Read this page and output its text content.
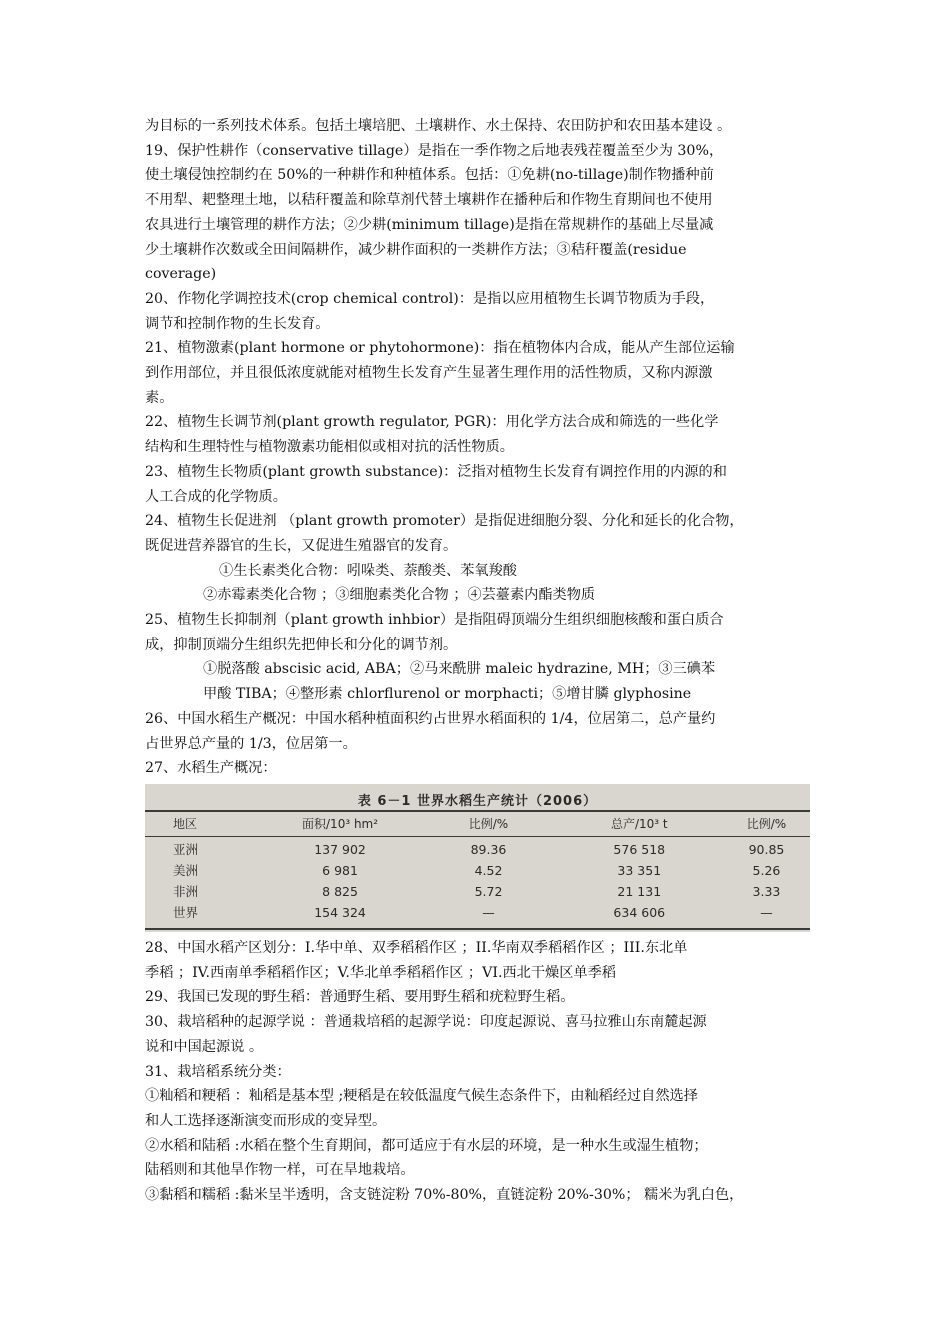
为目标的一系列技术体系。包括土壤培肥、土壤耕作、水土保持、农田防护和农田基本建设 。
19、保护性耕作（conservative tillage）是指在一季作物之后地表残茬覆盖至少为 30%，
使土壤侵蚀控制约在 50%的一种耕作和种植体系。包括：①免耕(no-tillage)制作物播种前
不用犁、耙整理土地，以秸秆覆盖和除草剂代替土壤耕作在播种后和作物生育期间也不使用
农具进行土壤管理的耕作方法；②少耕(minimum tillage)是指在常规耕作的基础上尽量减
少土壤耕作次数或全田间隔耕作，减少耕作面积的一类耕作方法；③秸秆覆盖(residue
coverage)
20、作物化学调控技术(crop chemical control)：是指以应用植物生长调节物质为手段，
调节和控制作物的生长发育。
21、植物激素(plant hormone or phytohormone)：指在植物体内合成，能从产生部位运输
到作用部位，并且很低浓度就能对植物生长发育产生显著生理作用的活性物质，又称内源激
素。
22、植物生长调节剂(plant growth regulator, PGR)：用化学方法合成和筛选的一些化学
结构和生理特性与植物激素功能相似或相对抗的活性物质。
23、植物生长物质(plant growth substance)：泛指对植物生长发育有调控作用的内源的和
人工合成的化学物质。
24、植物生长促进剂 （plant growth promoter）是指促进细胞分裂、分化和延长的化合物，
既促进营养器官的生长，又促进生殖器官的发育。
①生长素类化合物：吲哚类、萘酸类、苯氧羧酸
②赤霉素类化合物 ；③细胞素类化合物 ；④芸薹素内酯类物质
25、植物生长抑制剂（plant growth inhbior）是指阻碍顶端分生组织细胞核酸和蛋白质合
成，抑制顶端分生组织先把伸长和分化的调节剂。
①脱落酸 abscisic acid, ABA；②马来酰肼 maleic hydrazine, MH；③三碘苯
甲酸 TIBA；④整形素 chlorflurenol or morphacti；⑤增甘膦 glyphosine
26、中国水稻生产概况：中国水稻种植面积约占世界水稻面积的 1/4，位居第二，总产量约
占世界总产量的 1/3，位居第一。
27、水稻生产概况：
表 6－1 世界水稻生产统计（2006）
地区	面积/10³ hm²	比例/%	总产/10³ t	比例/%
亚洲	137 902	89.36	576 518	90.85
美洲	6 981	4.52	33 351	5.26
非洲	8 825	5.72	21 131	3.33
世界	154 324	—	634 606	—
28、中国水稻产区划分：I.华中单、双季稻稻作区 ；II.华南双季稻稻作区 ；III.东北单
季稻 ；IV.西南单季稻稻作区；V.华北单季稻稻作区 ；VI.西北干燥区单季稻
29、我国已发现的野生稻：普通野生稻、要用野生稻和疣粒野生稻。
30、栽培稻种的起源学说 ：普通栽培稻的起源学说：印度起源说、喜马拉雅山东南麓起源
说和中国起源说 。
31、栽培稻系统分类：
①籼稻和粳稻 ：籼稻是基本型 ;粳稻是在较低温度气候生态条件下，由籼稻经过自然选择
和人工选择逐渐演变而形成的变异型。
②水稻和陆稻 :水稻在整个生育期间，都可适应于有水层的环境，是一种水生或湿生植物；
陆稻则和其他旱作物一样，可在旱地栽培。
③黏稻和糯稻 :黏米呈半透明，含支链淀粉 70%-80%，直链淀粉 20%-30%； 糯米为乳白色，
